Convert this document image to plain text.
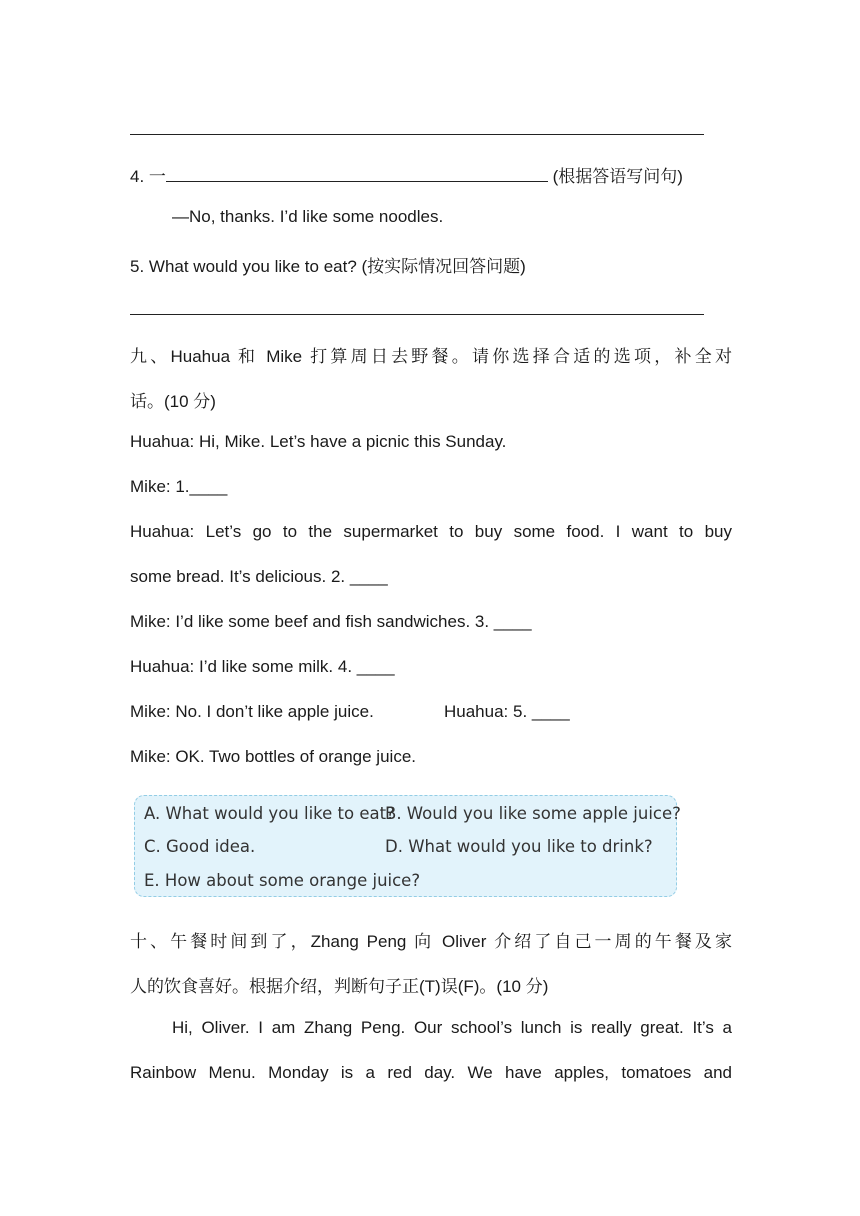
4. 一	(根据答语写问句)
—No, thanks. I’d like some noodles.
5. What would you like to eat? (按实际情况回答问题)
九、Huahua 和 Mike 打算周日去野餐。请你选择合适的选项，补全对
话。(10 分)
Huahua: Hi, Mike. Let’s have a picnic this Sunday.
Mike: 1.____
Huahua: Let’s go to the supermarket to buy some food. I want to buy
some bread. It’s delicious. 2. ____
Mike: I’d like some beef and fish sandwiches. 3. ____
Huahua: I’d like some milk. 4. ____
Mike: No. I don’t like apple juice.	Huahua: 5. ____
Mike: OK. Two bottles of orange juice.
A. What would you like to eat?
B. Would you like some apple juice?
C. Good idea.	D. What would you like to drink?
E. How about some orange juice?
十、午餐时间到了，Zhang Peng 向 Oliver 介绍了自己一周的午餐及家
人的饮食喜好。根据介绍，判断句子正(T)误(F)。(10 分)
Hi, Oliver. I am Zhang Peng. Our school’s lunch is really great. It’s a
Rainbow Menu. Monday is a red day. We have apples, tomatoes and
